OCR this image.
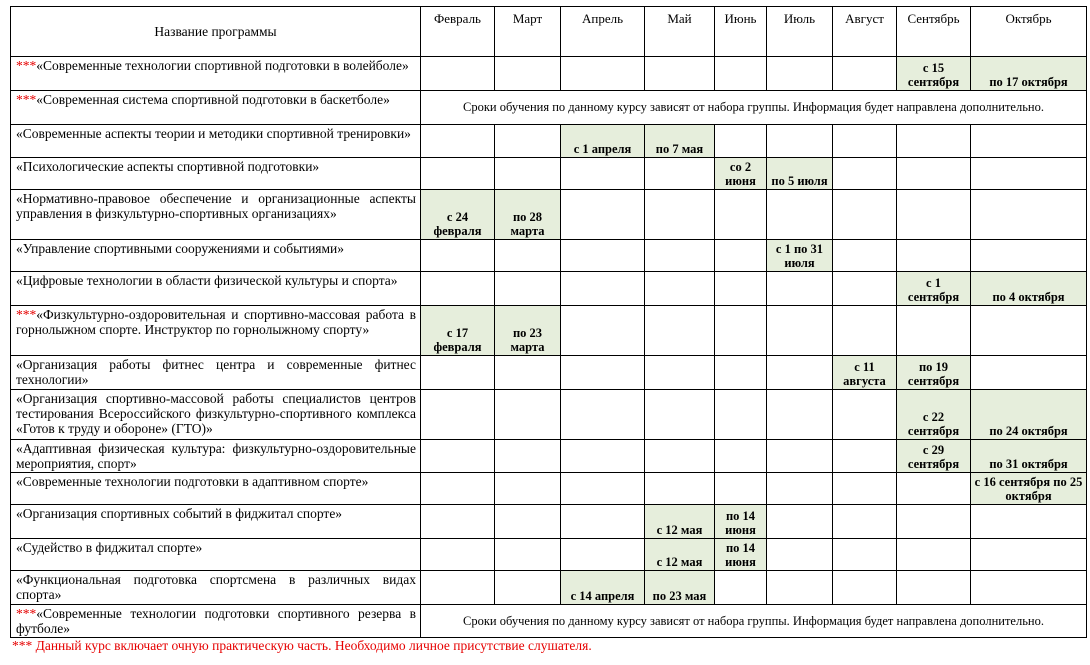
Название программы	Февраль	Март	Апрель	Май	Июнь	Июль	Август	Сентябрь	Октябрь
***«Современные технологии спортивной подготовки в волейболе»								с 15 сентября	по 17 октября
***«Современная система спортивной подготовки в баскетболе»	Сроки обучения по данному курсу зависят от набора группы. Информация будет направлена дополнительно.								
«Современные аспекты теории и методики спортивной тренировки»			с 1 апреля	по 7 мая					
«Психологические аспекты спортивной подготовки»					со 2 июня	по 5 июля			
«Нормативно-правовое обеспечение и организационные аспекты управления в физкультурно-спортивных организациях»	с 24 февраля	по 28 марта							
«Управление спортивными сооружениями и событиями»						с 1 по 31 июля			
«Цифровые технологии в области физической культуры и спорта»								с 1 сентября	по 4 октября
***«Физкультурно-оздоровительная и спортивно-массовая работа в горнолыжном спорте. Инструктор по горнолыжному спорту»	с 17 февраля	по 23 марта							
«Организация работы фитнес центра и современные фитнес технологии»							с 11 августа	по 19 сентября	
«Организация спортивно-массовой работы специалистов центров тестирования Всероссийского физкультурно-спортивного комплекса «Готов к труду и обороне» (ГТО)»								с 22 сентября	по 24 октября
«Адаптивная физическая культура: физкультурно-оздоровительные мероприятия, спорт»								с 29 сентября	по 31 октября
«Современные технологии подготовки в адаптивном спорте»									с 16 сентября по 25 октября
«Организация спортивных событий в фиджитал спорте»				с 12 мая	по 14 июня				
«Судейство в фиджитал спорте»				с 12 мая	по 14 июня				
«Функциональная подготовка спортсмена в различных видах спорта»			с 14 апреля	по 23 мая					
***«Современные технологии подготовки спортивного резерва в футболе»	Сроки обучения по данному курсу зависят от набора группы. Информация будет направлена дополнительно.								
*** Данный курс включает очную практическую часть. Необходимо личное присутствие слушателя.
